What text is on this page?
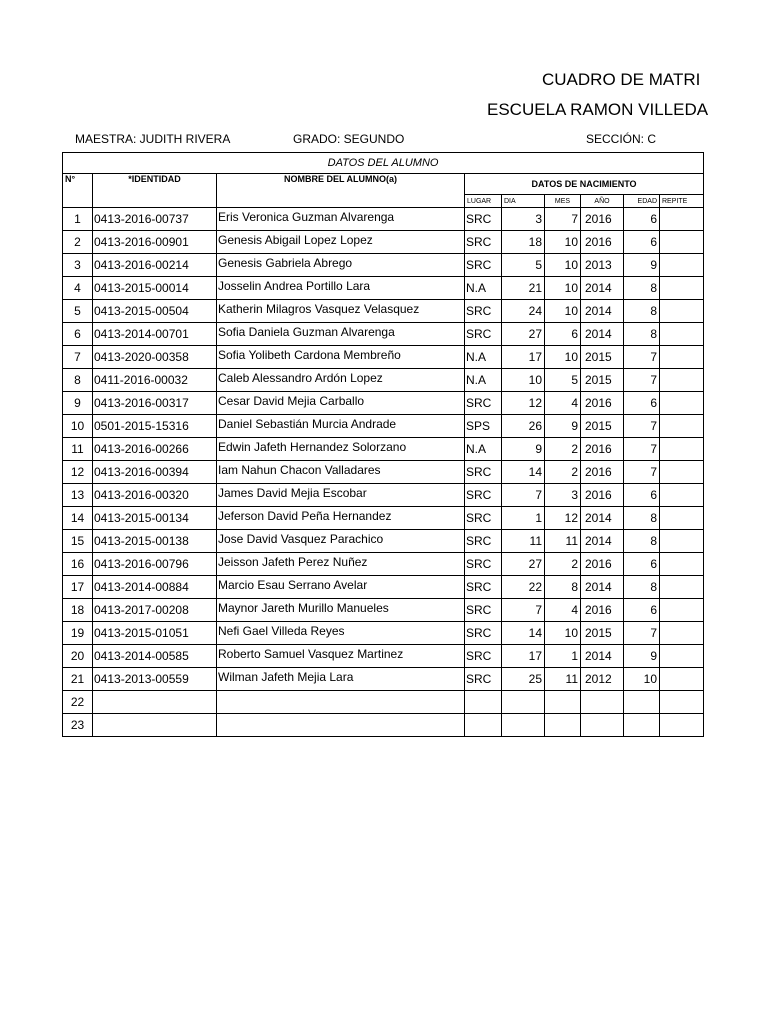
CUADRO DE MATRI
ESCUELA RAMON VILLEDA
MAESTRA: JUDITH RIVERA	GRADO: SEGUNDO	SECCIÓN: C
DATOS DEL ALUMNO								
N°	*IDENTIDAD	NOMBRE DEL ALUMNO(a)	DATOS DE NACIMIENTO					
			LUGAR	DIA	MES	AÑO	EDAD	REPITE
1	0413-2016-00737	Eris Veronica Guzman Alvarenga	SRC	3	7	2016	6	
2	0413-2016-00901	Genesis Abigail Lopez Lopez	SRC	18	10	2016	6	
3	0413-2016-00214	Genesis Gabriela Abrego	SRC	5	10	2013	9	
4	0413-2015-00014	Josselin Andrea Portillo Lara	N.A	21	10	2014	8	
5	0413-2015-00504	Katherin Milagros Vasquez Velasquez	SRC	24	10	2014	8	
6	0413-2014-00701	Sofia Daniela Guzman Alvarenga	SRC	27	6	2014	8	
7	0413-2020-00358	Sofia Yolibeth Cardona Membreño	N.A	17	10	2015	7	
8	0411-2016-00032	Caleb Alessandro Ardón Lopez	N.A	10	5	2015	7	
9	0413-2016-00317	Cesar David Mejia Carballo	SRC	12	4	2016	6	
10	0501-2015-15316	Daniel Sebastián Murcia Andrade	SPS	26	9	2015	7	
11	0413-2016-00266	Edwin Jafeth Hernandez Solorzano	N.A	9	2	2016	7	
12	0413-2016-00394	Iam Nahun Chacon Valladares	SRC	14	2	2016	7	
13	0413-2016-00320	James David Mejia Escobar	SRC	7	3	2016	6	
14	0413-2015-00134	Jeferson David Peña Hernandez	SRC	1	12	2014	8	
15	0413-2015-00138	Jose David Vasquez Parachico	SRC	11	11	2014	8	
16	0413-2016-00796	Jeisson Jafeth Perez Nuñez	SRC	27	2	2016	6	
17	0413-2014-00884	Marcio Esau Serrano Avelar	SRC	22	8	2014	8	
18	0413-2017-00208	Maynor Jareth Murillo Manueles	SRC	7	4	2016	6	
19	0413-2015-01051	Nefi Gael Villeda Reyes	SRC	14	10	2015	7	
20	0413-2014-00585	Roberto Samuel Vasquez Martinez	SRC	17	1	2014	9	
21	0413-2013-00559	Wilman Jafeth Mejia Lara	SRC	25	11	2012	10	
22								
23								
